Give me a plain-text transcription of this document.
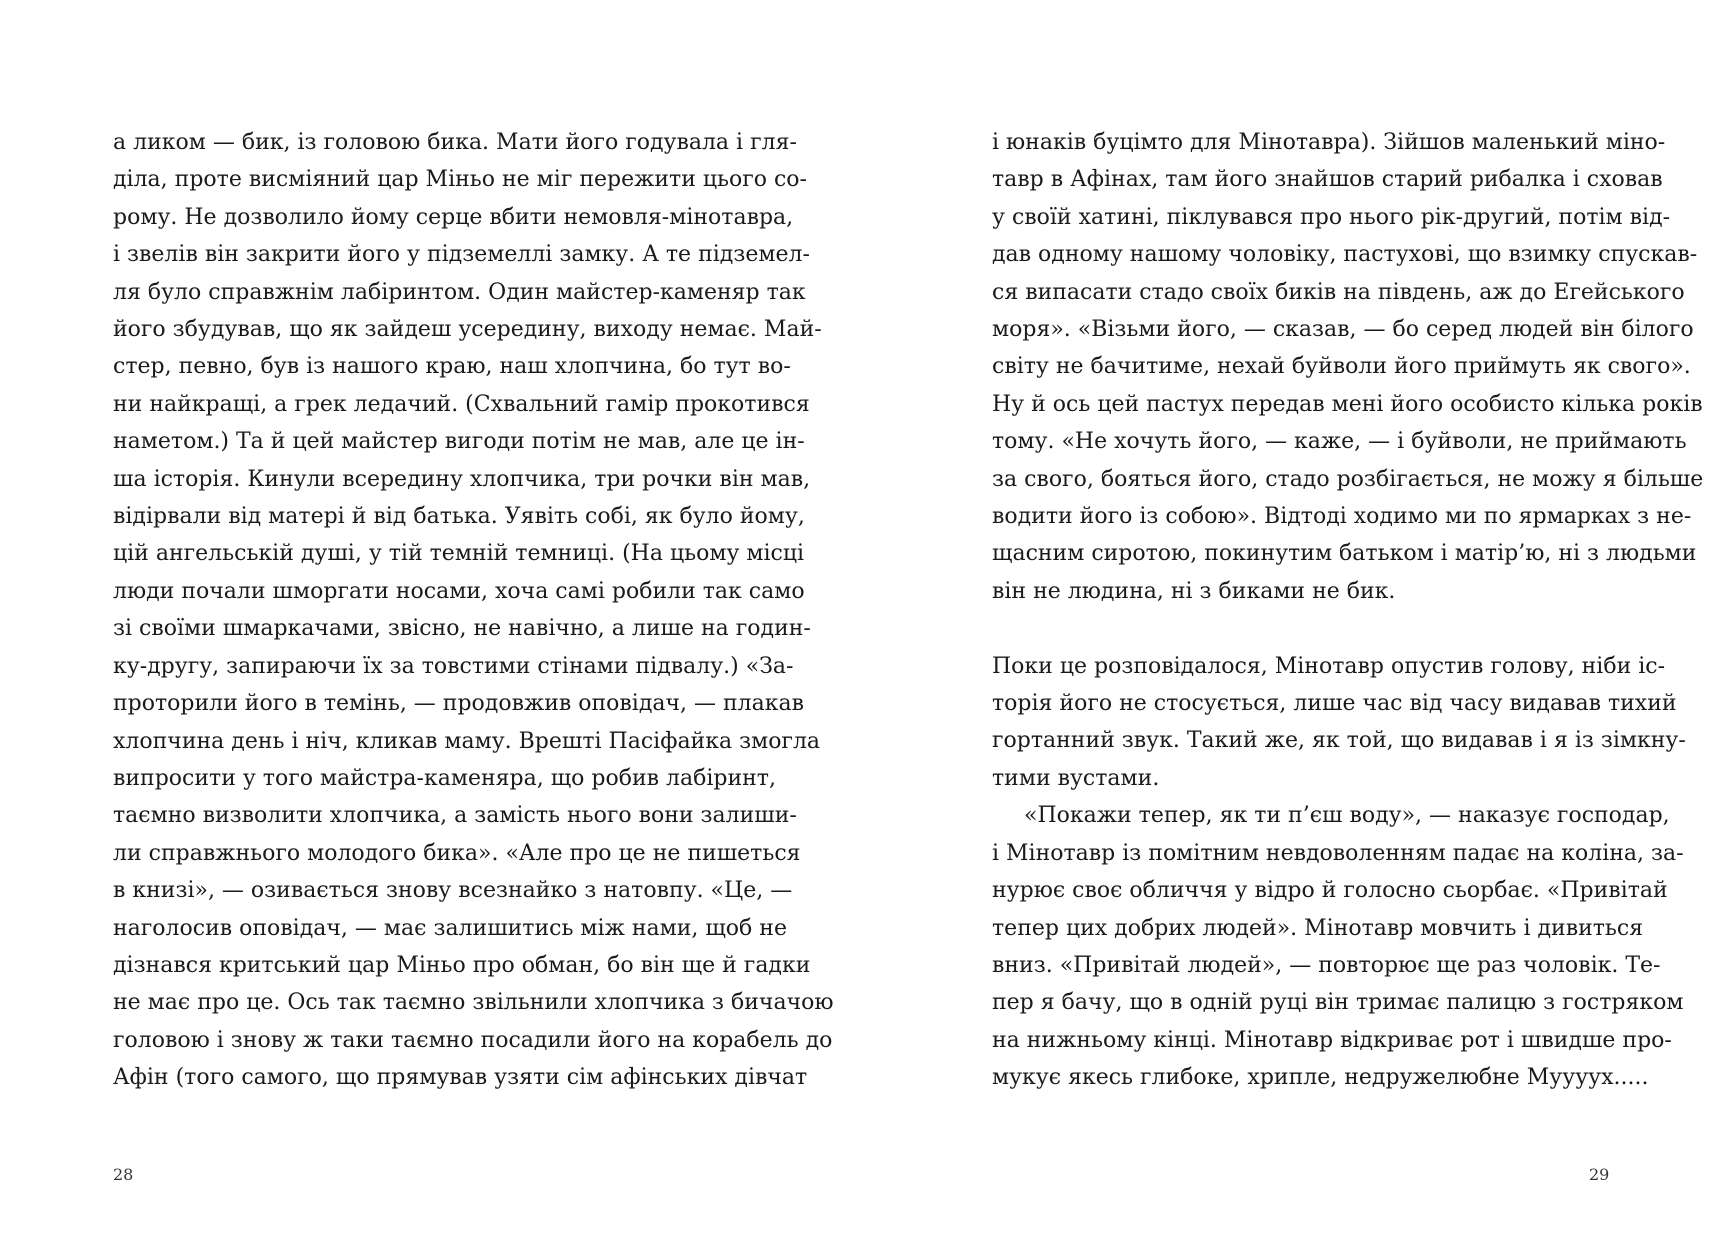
а ликом — бик, із головою бика. Мати його годувала і гля-
діла, проте висміяний цар Міньо не міг пережити цього со-
рому. Не дозволило йому серце вбити немовля-мінотавра,
і звелів він закрити його у підземеллі замку. А те підземел-
ля було справжнім лабіринтом. Один майстер-каменяр так
його збудував, що як зайдеш усередину, виходу немає. Май-
стер, певно, був із нашого краю, наш хлопчина, бо тут во-
ни найкращі, а грек ледачий. (Схвальний гамір прокотився
наметом.) Та й цей майстер вигоди потім не мав, але це ін-
ша історія. Кинули всередину хлопчика, три рочки він мав,
відірвали від матері й від батька. Уявіть собі, як було йому,
цій ангельській душі, у тій темній темниці. (На цьому місці
люди почали шморгати носами, хоча самі робили так само
зі своїми шмаркачами, звісно, не навічно, а лише на годин-
ку-другу, запираючи їх за товстими стінами підвалу.) «За-
проторили його в темінь, — продовжив оповідач, — плакав
хлопчина день і ніч, кликав маму. Врешті Пасіфайка змогла
випросити у того майстра-каменяра, що робив лабіринт,
таємно визволити хлопчика, а замість нього вони залиши-
ли справжнього молодого бика». «Але про це не пишеться
в книзі», — озивається знову всезнайко з натовпу. «Це, —
наголосив оповідач, — має залишитись між нами, щоб не
дізнався критський цар Міньо про обман, бо він ще й гадки
не має про це. Ось так таємно звільнили хлопчика з бичачою
головою і знову ж таки таємно посадили його на корабель до
Афін (того самого, що прямував узяти сім афінських дівчат
28
і юнаків буцімто для Мінотавра). Зійшов маленький міно-
тавр в Афінах, там його знайшов старий рибалка і сховав
у своїй хатині, піклувався про нього рік-другий, потім від-
дав одному нашому чоловіку, пастухові, що взимку спускав-
ся випасати стадо своїх биків на південь, аж до Егейського
моря». «Візьми його, — сказав, — бо серед людей він білого
світу не бачитиме, нехай буйволи його приймуть як свого».
Ну й ось цей пастух передав мені його особисто кілька років
тому. «Не хочуть його, — каже, — і буйволи, не приймають
за свого, бояться його, стадо розбігається, не можу я більше
водити його із собою». Відтоді ходимо ми по ярмарках з не-
щасним сиротою, покинутим батьком і матір’ю, ні з людьми
він не людина, ні з биками не бик.
Поки це розповідалося, Мінотавр опустив голову, ніби іс-
торія його не стосується, лише час від часу видавав тихий
гортанний звук. Такий же, як той, що видавав і я із зімкну-
тими вустами.
«Покажи тепер, як ти п’єш воду», — наказує господар,
і Мінотавр із помітним невдоволенням падає на коліна, за-
нурює своє обличчя у відро й голосно сьорбає. «Привітай
тепер цих добрих людей». Мінотавр мовчить і дивиться
вниз. «Привітай людей», — повторює ще раз чоловік. Те-
пер я бачу, що в одній руці він тримає палицю з гостряком
на нижньому кінці. Мінотавр відкриває рот і швидше про-
мукує якесь глибоке, хрипле, недружелюбне Муууух.....
29
